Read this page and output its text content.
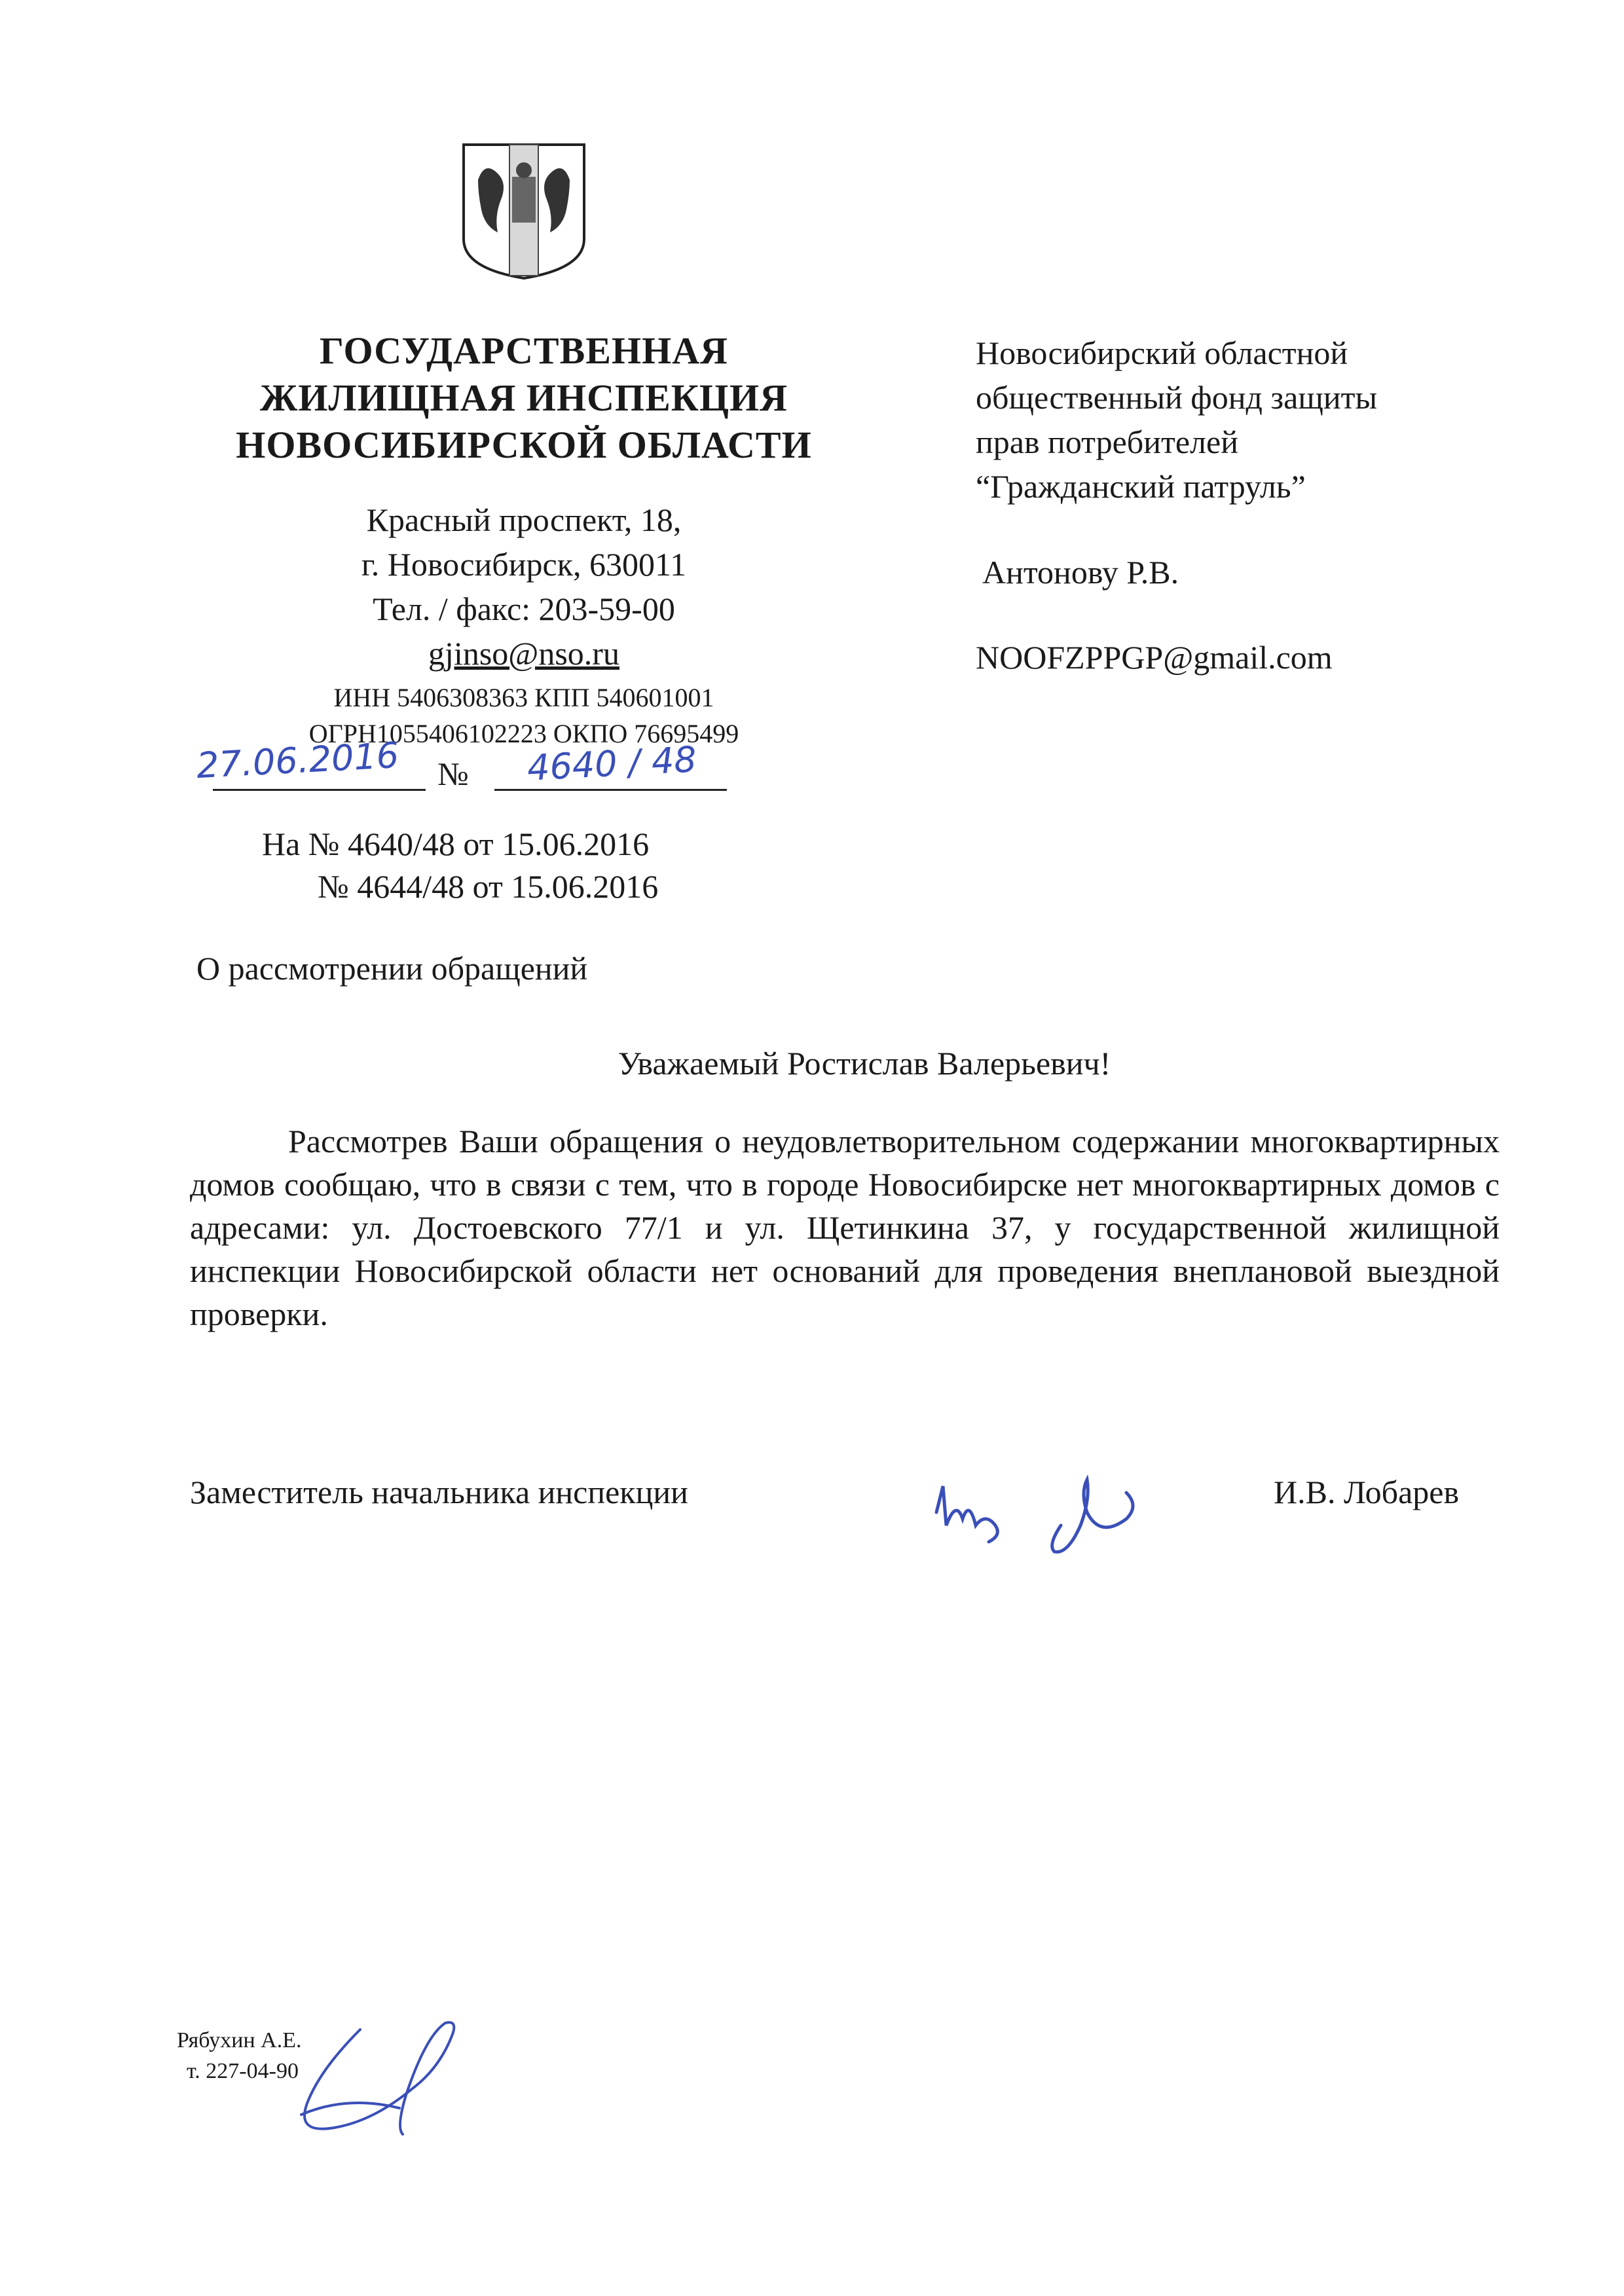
ГОСУДАРСТВЕННАЯ
ЖИЛИЩНАЯ ИНСПЕКЦИЯ
НОВОСИБИРСКОЙ ОБЛАСТИ
Красный проспект, 18,
г. Новосибирск, 630011
Тел. / факс: 203-59-00
gjinso@nso.ru
ИНН 5406308363 КПП 540601001
ОГРН1055406102223 ОКПО 76695499
27.06.2016 № 4640 / 48
На № 4640/48 от 15.06.2016
№ 4644/48 от 15.06.2016
Новосибирский областной
общественный фонд защиты
прав потребителей
“Гражданский патруль”
Антонову Р.В.
NOOFZPPGP@gmail.com
О рассмотрении обращений
Уважаемый Ростислав Валерьевич!
Рассмотрев Ваши обращения о неудовлетворительном содержании многоквартирных домов сообщаю, что в связи с тем, что в городе Новосибирске нет многоквартирных домов с адресами: ул. Достоевского 77/1 и ул. Щетинкина 37, у государственной жилищной инспекции Новосибирской области нет оснований для проведения внеплановой выездной проверки.
Заместитель начальника инспекции	И.В. Лобарев
Рябухин А.Е.
т. 227-04-90
